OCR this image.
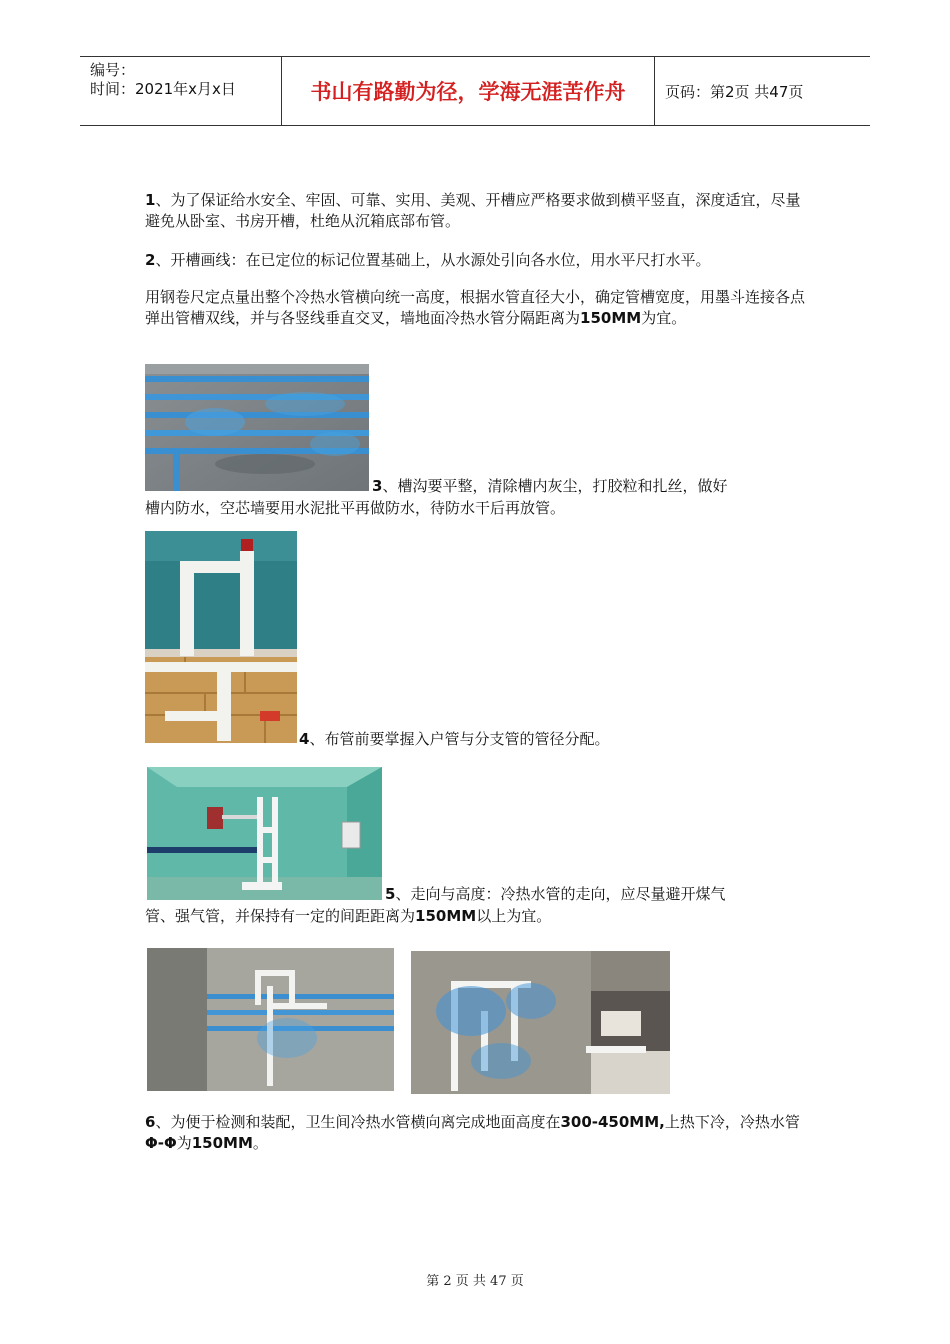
编号：
时间：2021年x月x日	书山有路勤为径，学海无涯苦作舟	页码：第2页 共47页
1、为了保证给水安全、牢固、可靠、实用、美观、开槽应严格要求做到横平竖直，深度适宜，尽量避免从卧室、书房开槽，杜绝从沉箱底部布管。
2、开槽画线：在已定位的标记位置基础上，从水源处引向各水位，用水平尺打水平。
用钢卷尺定点量出整个冷热水管横向统一高度，根据水管直径大小，确定管槽宽度，用墨斗连接各点弹出管槽双线，并与各竖线垂直交叉，墙地面冷热水管分隔距离为150MM为宜。
3、槽沟要平整，清除槽内灰尘，打胶粒和扎丝，做好
槽内防水，空芯墙要用水泥批平再做防水，待防水干后再放管。
4、布管前要掌握入户管与分支管的管径分配。
5、走向与高度：冷热水管的走向，应尽量避开煤气
管、强气管，并保持有一定的间距距离为150MM以上为宜。
6、为便于检测和装配，卫生间冷热水管横向离完成地面高度在300-450MM,上热下冷，冷热水管Φ-Φ为150MM。
第 2 页 共 47 页
